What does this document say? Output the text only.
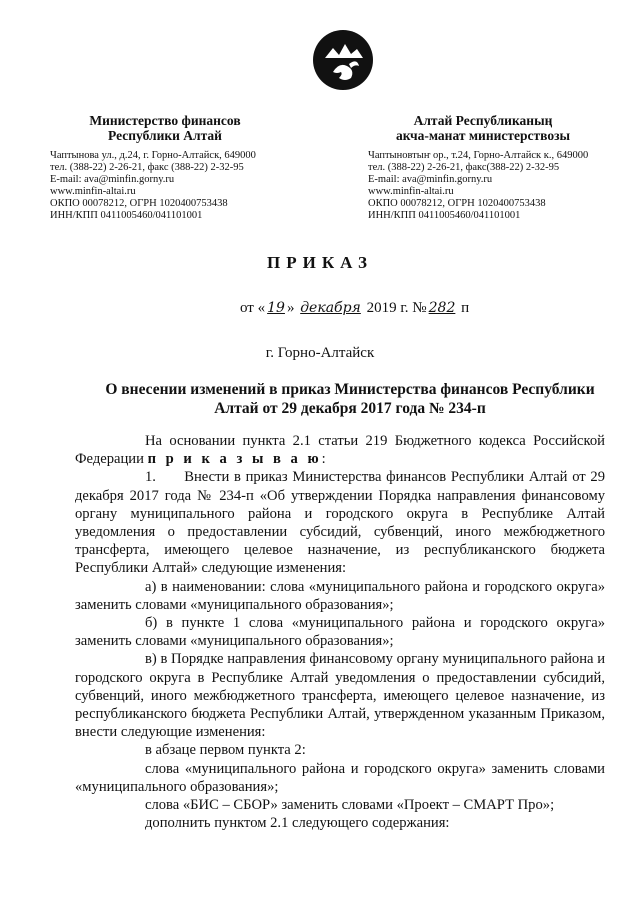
Министерство финансов
Республики Алтай
Чаптынова ул., д.24, г. Горно-Алтайск, 649000
тел. (388-22) 2-26-21, факс (388-22) 2-32-95
E-mail: ava@minfin.gorny.ru
www.minfin-altai.ru
ОКПО 00078212, ОГРН 1020400753438
ИНН/КПП 0411005460/041101001
Алтай Республиканың
акча-манат министерствозы
Чаптыновтыҥ ор., т.24, Горно-Алтайск к., 649000
тел. (388-22) 2-26-21, факс(388-22) 2-32-95
E-mail: ava@minfin.gorny.ru
www.minfin-altai.ru
ОКПО 00078212, ОГРН 1020400753438
ИНН/КПП 0411005460/041101001
ПРИКАЗ
от « 19 » декабря 2019 г. № 282 п
г. Горно-Алтайск
О внесении изменений в приказ Министерства финансов Республики Алтай от 29 декабря 2017 года № 234-п

На основании пункта 2.1 статьи 219 Бюджетного кодекса Российской Федерации п р и к а з ы в а ю:

1.      Внести в приказ Министерства финансов Республики Алтай от 29 декабря 2017 года № 234-п «Об утверждении Порядка направления финансовому органу муниципального района и городского округа в Республике Алтай уведомления о предоставлении субсидий, субвенций, иного межбюджетного трансферта, имеющего целевое назначение, из республиканского бюджета Республики Алтай» следующие изменения:

а) в наименовании: слова «муниципального района и городского округа» заменить словами «муниципального образования»;

б) в пункте 1 слова «муниципального района и городского округа» заменить словами «муниципального образования»;

в) в Порядке направления финансовому органу муниципального района и городского округа в Республике Алтай уведомления о предоставлении субсидий, субвенций, иного межбюджетного трансферта, имеющего целевое назначение, из республиканского бюджета Республики Алтай, утвержденном указанным Приказом, внести следующие изменения:

в абзаце первом пункта 2:

слова «муниципального района и городского округа» заменить словами «муниципального образования»;

слова «БИС – СБОР» заменить словами «Проект – СМАРТ Про»;

дополнить пунктом 2.1 следующего содержания:
